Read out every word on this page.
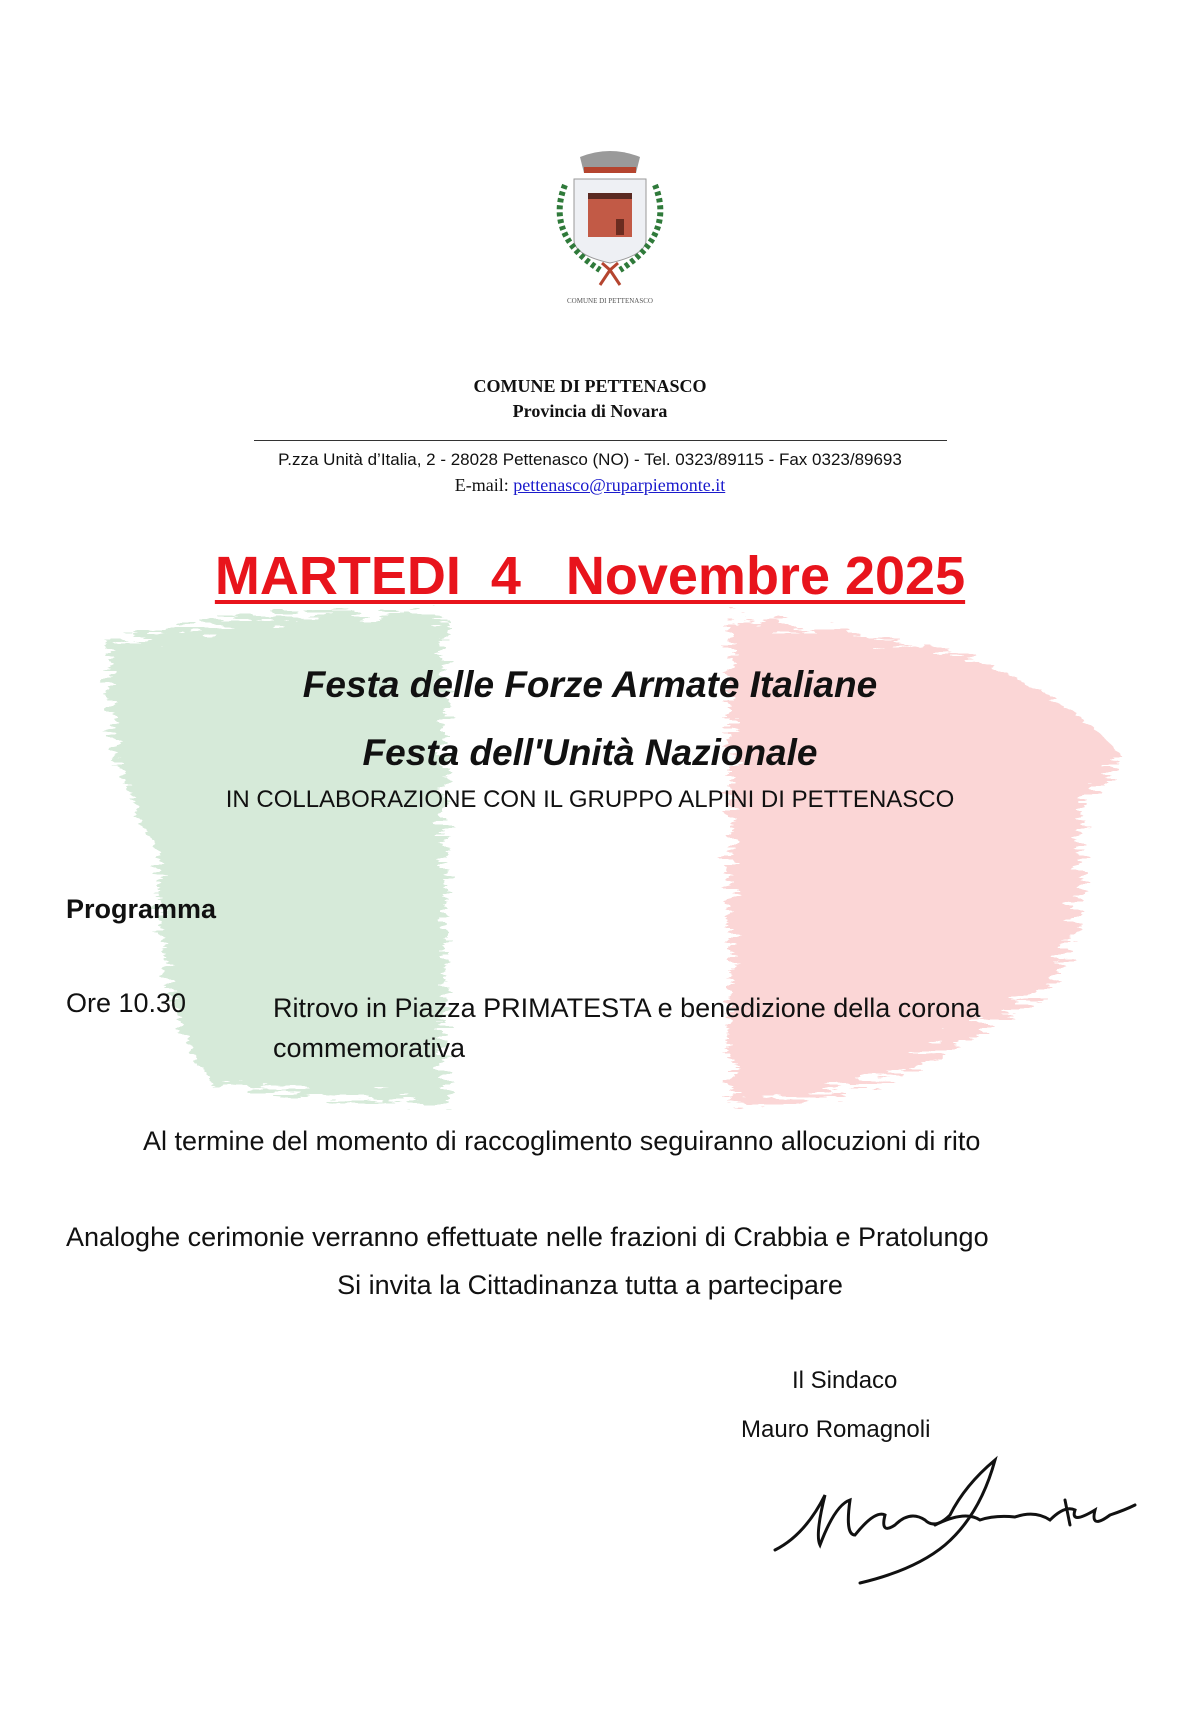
COMUNE DI PETTENASCO
COMUNE DI PETTENASCO
Provincia di Novara
P.zza Unità d’Italia, 2 - 28028 Pettenasco (NO) - Tel. 0323/89115 - Fax 0323/89693
E-mail: pettenasco@ruparpiemonte.it
MARTEDI  4   Novembre 2025
Festa delle Forze Armate Italiane
Festa dell'Unità Nazionale
IN COLLABORAZIONE CON IL GRUPPO ALPINI DI PETTENASCO
Programma
Ore 10.30	Ritrovo in Piazza PRIMATESTA e benedizione della corona commemorativa
Al termine del momento di raccoglimento seguiranno allocuzioni di rito
Analoghe cerimonie verranno effettuate nelle frazioni di Crabbia e Pratolungo
Si invita la Cittadinanza tutta a partecipare
Il Sindaco
Mauro Romagnoli
